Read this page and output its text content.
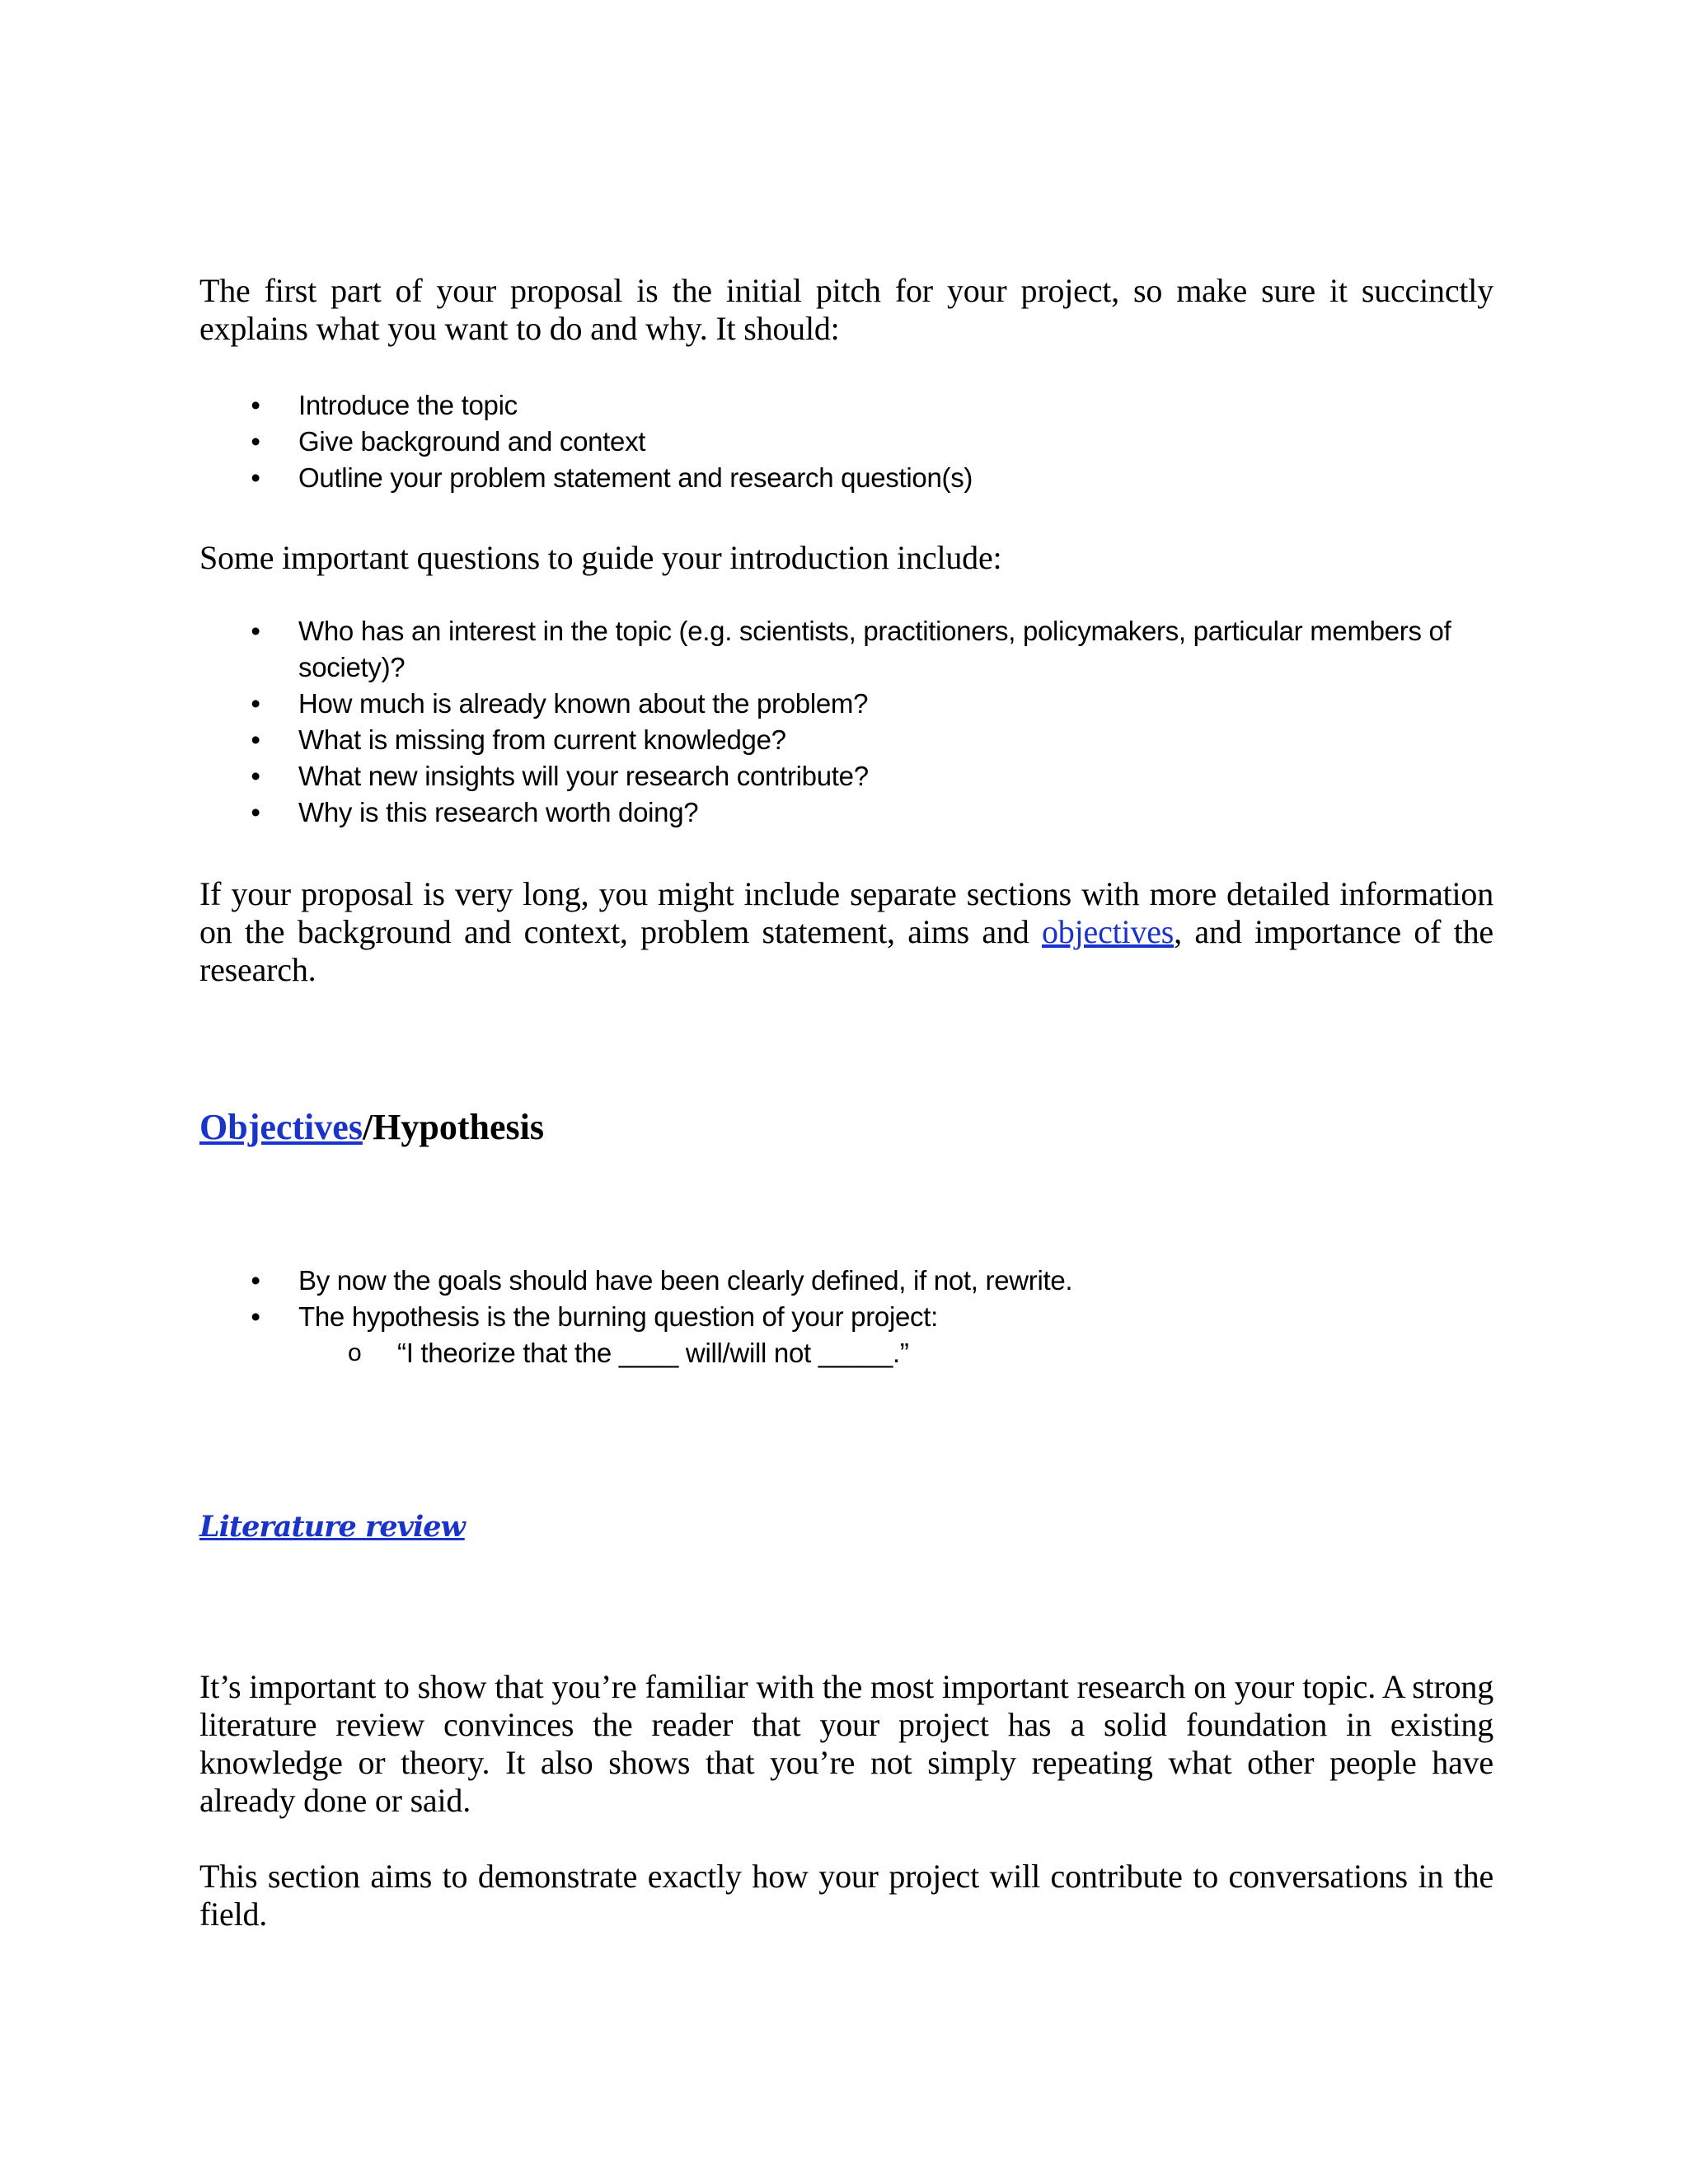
The first part of your proposal is the initial pitch for your project, so make sure it succinctly explains what you want to do and why. It should:

• Introduce the topic
• Give background and context
• Outline your problem statement and research question(s)

Some important questions to guide your introduction include:

• Who has an interest in the topic (e.g. scientists, practitioners, policymakers, particular members of society)?
• How much is already known about the problem?
• What is missing from current knowledge?
• What new insights will your research contribute?
• Why is this research worth doing?

If your proposal is very long, you might include separate sections with more detailed information on the background and context, problem statement, aims and objectives, and importance of the research.

Objectives/Hypothesis
• By now the goals should have been clearly defined, if not, rewrite.
• The hypothesis is the burning question of your project:
o “I theorize that the ____ will/will not _____.”
Literature review

It’s important to show that you’re familiar with the most important research on your topic. A strong literature review convinces the reader that your project has a solid foundation in existing knowledge or theory. It also shows that you’re not simply repeating what other people have already done or said.

This section aims to demonstrate exactly how your project will contribute to conversations in the field.
